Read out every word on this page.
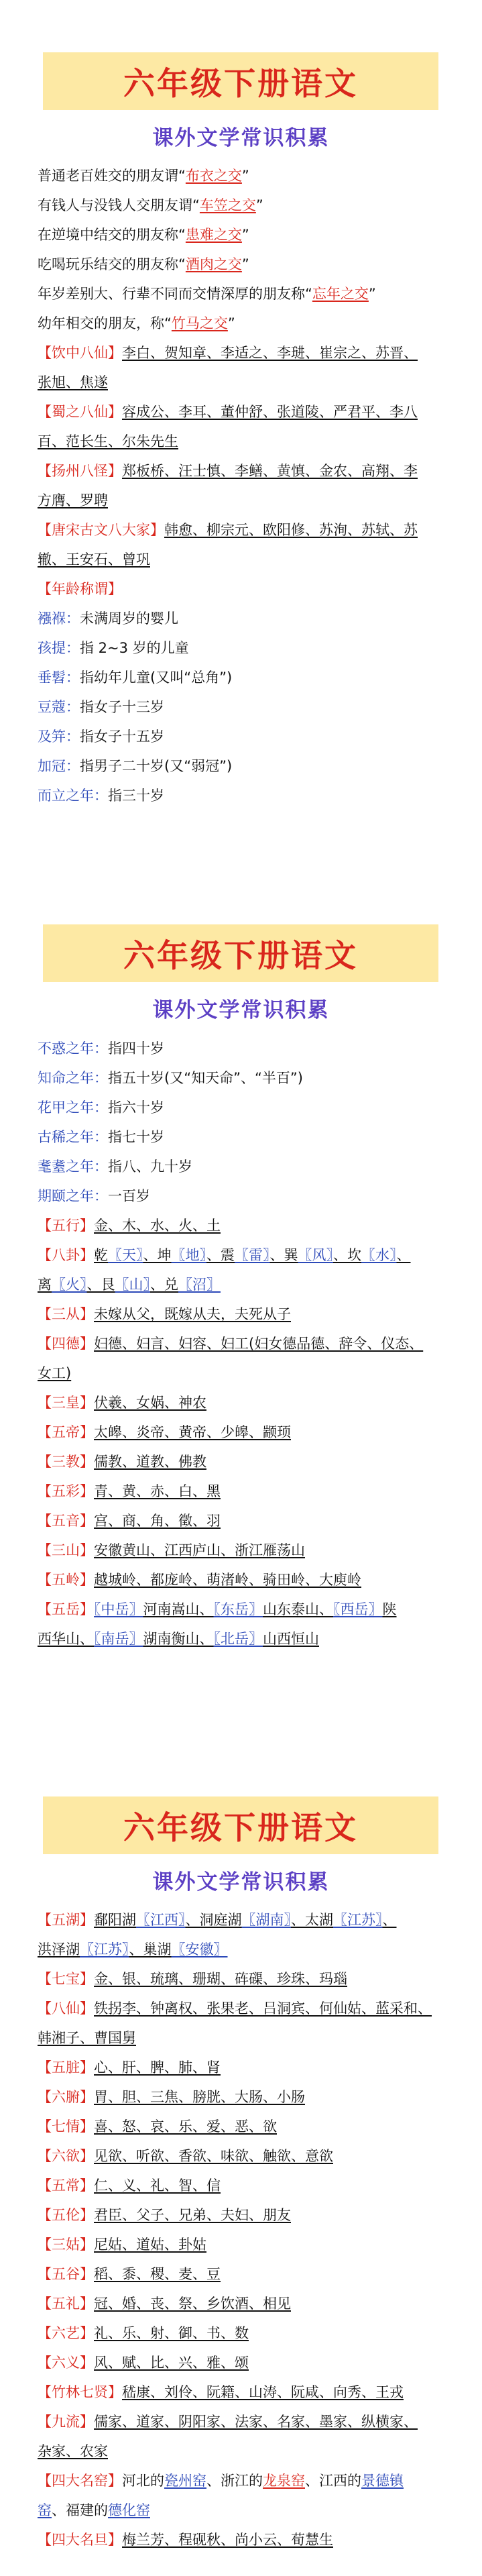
六年级下册语文
课外文学常识积累
普通老百姓交的朋友谓“布衣之交”
有钱人与没钱人交朋友谓“车笠之交”
在逆境中结交的朋友称“患难之交”
吃喝玩乐结交的朋友称“酒肉之交”
年岁差别大、行辈不同而交情深厚的朋友称“忘年之交”
幼年相交的朋友，称“竹马之交”
【饮中八仙】李白、贺知章、李适之、李琎、崔宗之、苏晋、
张旭、焦遂
【蜀之八仙】容成公、李耳、董仲舒、张道陵、严君平、李八
百、范长生、尔朱先生
【扬州八怪】郑板桥、汪士慎、李鳝、黄慎、金农、高翔、李
方膺、罗聘
【唐宋古文八大家】韩愈、柳宗元、欧阳修、苏洵、苏轼、苏
辙、王安石、曾巩
【年龄称谓】
襁褓：未满周岁的婴儿
孩提：指 2~3 岁的儿童
垂髫：指幼年儿童(又叫“总角”)
豆蔻：指女子十三岁
及笄：指女子十五岁
加冠：指男子二十岁(又“弱冠”)
而立之年：指三十岁
六年级下册语文
课外文学常识积累
不惑之年：指四十岁
知命之年：指五十岁(又“知天命”、“半百”)
花甲之年：指六十岁
古稀之年：指七十岁
耄耋之年：指八、九十岁
期颐之年：一百岁
【五行】金、木、水、火、土
【八卦】乾〖天〗、坤〖地〗、震〖雷〗、巽〖风〗、坎〖水〗、
离〖火〗、艮〖山〗、兑〖沼〗
【三从】未嫁从父，既嫁从夫，夫死从子
【四德】妇德、妇言、妇容、妇工(妇女德品德、辞令、仪态、
女工)
【三皇】伏羲、女娲、神农
【五帝】太皞、炎帝、黄帝、少皞、颛顼
【三教】儒教、道教、佛教
【五彩】青、黄、赤、白、黑
【五音】宫、商、角、徵、羽
【三山】安徽黄山、江西庐山、浙江雁荡山
【五岭】越城岭、都庞岭、萌渚岭、骑田岭、大庾岭
【五岳】〖中岳〗河南嵩山、〖东岳〗山东泰山、〖西岳〗陕
西华山、〖南岳〗湖南衡山、〖北岳〗山西恒山
六年级下册语文
课外文学常识积累
【五湖】鄱阳湖〖江西〗、洞庭湖〖湖南〗、太湖〖江苏〗、
洪泽湖〖江苏〗、巢湖〖安徽〗
【七宝】金、银、琉璃、珊瑚、砗磲、珍珠、玛瑙
【八仙】铁拐李、钟离权、张果老、吕洞宾、何仙姑、蓝采和、
韩湘子、曹国舅
【五脏】心、肝、脾、肺、肾
【六腑】胃、胆、三焦、膀胱、大肠、小肠
【七情】喜、怒、哀、乐、爱、恶、欲
【六欲】见欲、听欲、香欲、味欲、触欲、意欲
【五常】仁、义、礼、智、信
【五伦】君臣、父子、兄弟、夫妇、朋友
【三姑】尼姑、道姑、卦姑
【五谷】稻、黍、稷、麦、豆
【五礼】冠、婚、丧、祭、乡饮酒、相见
【六艺】礼、乐、射、御、书、数
【六义】风、赋、比、兴、雅、颂
【竹林七贤】嵇康、刘伶、阮籍、山涛、阮咸、向秀、王戎
【九流】儒家、道家、阴阳家、法家、名家、墨家、纵横家、
杂家、农家
【四大名窑】河北的瓷州窑、浙江的龙泉窑、江西的景德镇
窑、福建的德化窑
【四大名旦】梅兰芳、程砚秋、尚小云、荀慧生
